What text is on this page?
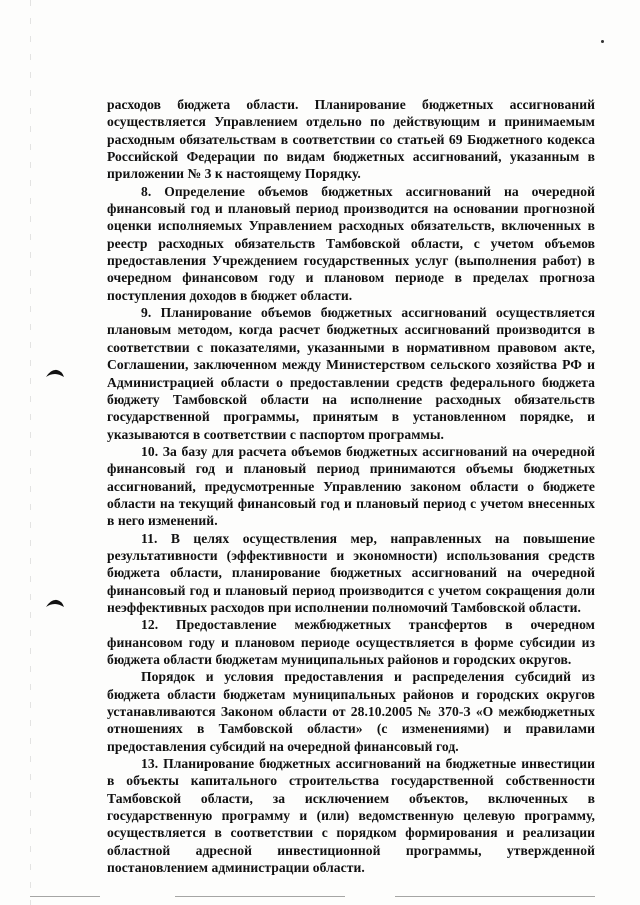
расходов бюджета области. Планирование бюджетных ассигнований осуществляется Управлением отдельно по действующим и принимаемым расходным обязательствам в соответствии со статьей 69 Бюджетного кодекса Российской Федерации по видам бюджетных ассигнований, указанным в приложении № 3 к настоящему Порядку.

8. Определение объемов бюджетных ассигнований на очередной финансовый год и плановый период производится на основании прогнозной оценки исполняемых Управлением расходных обязательств, включенных в реестр расходных обязательств Тамбовской области, с учетом объемов предоставления Учреждением государственных услуг (выполнения работ) в очередном финансовом году и плановом периоде в пределах прогноза поступления доходов в бюджет области.

9. Планирование объемов бюджетных ассигнований осуществляется плановым методом, когда расчет бюджетных ассигнований производится в соответствии с показателями, указанными в нормативном правовом акте, Соглашении, заключенном между Министерством сельского хозяйства РФ и Администрацией области о предоставлении средств федерального бюджета бюджету Тамбовской области на исполнение расходных обязательств государственной программы, принятым в установленном порядке, и указываются в соответствии с паспортом программы.

10. За базу для расчета объемов бюджетных ассигнований на очередной финансовый год и плановый период принимаются объемы бюджетных ассигнований, предусмотренные Управлению законом области о бюджете области на текущий финансовый год и плановый период с учетом внесенных в него изменений.

11. В целях осуществления мер, направленных на повышение результативности (эффективности и экономности) использования средств бюджета области, планирование бюджетных ассигнований на очередной финансовый год и плановый период производится с учетом сокращения доли неэффективных расходов при исполнении полномочий Тамбовской области.

12. Предоставление межбюджетных трансфертов в очередном финансовом году и плановом периоде осуществляется в форме субсидии из бюджета области бюджетам муниципальных районов и городских округов.

Порядок и условия предоставления и распределения субсидий из бюджета области бюджетам муниципальных районов и городских округов устанавливаются Законом области от 28.10.2005 № 370-З «О межбюджетных отношениях в Тамбовской области» (с изменениями) и правилами предоставления субсидий на очередной финансовый год.

13. Планирование бюджетных ассигнований на бюджетные инвестиции в объекты капитального строительства государственной собственности Тамбовской области, за исключением объектов, включенных в государственную программу и (или) ведомственную целевую программу, осуществляется в соответствии с порядком формирования и реализации областной адресной инвестиционной программы, утвержденной постановлением администрации области.
